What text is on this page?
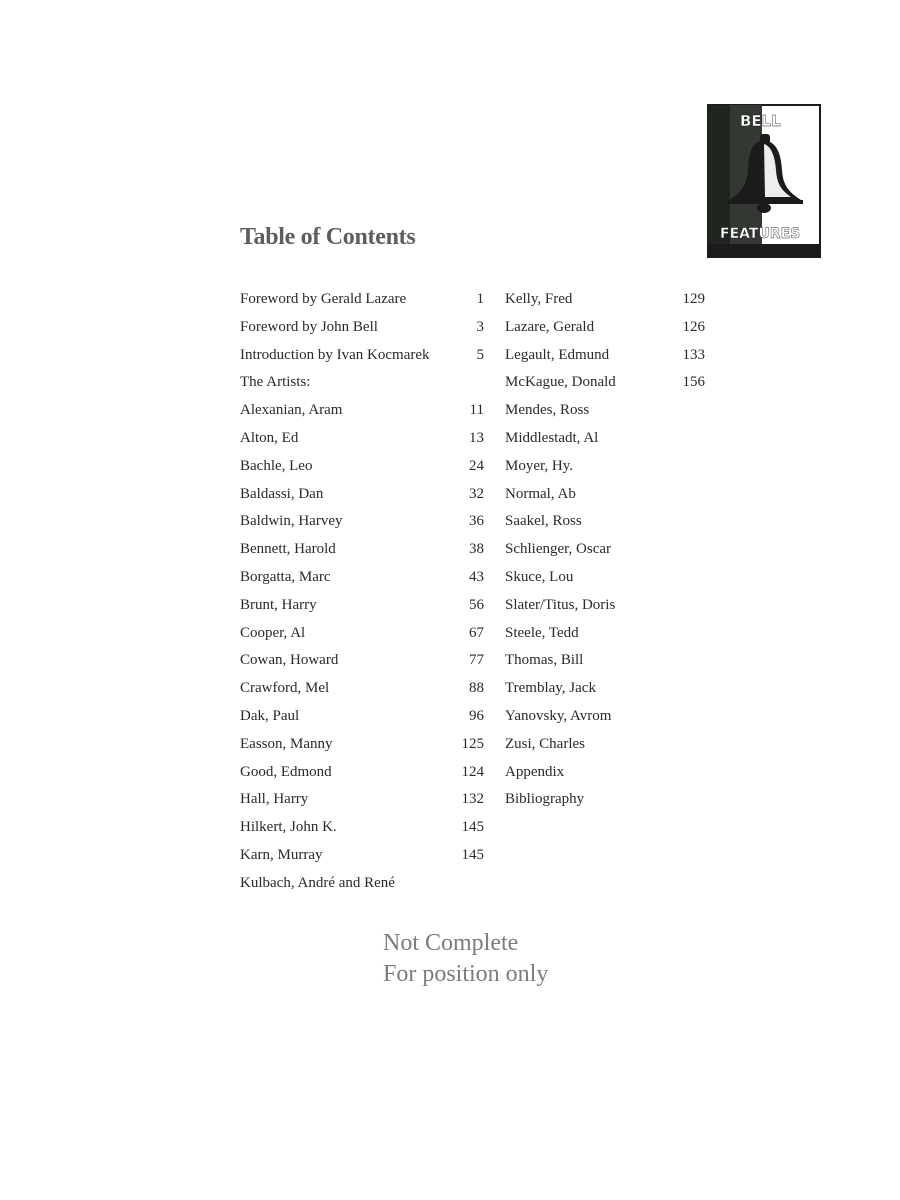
Table of Contents
BELL
FEATURES
Foreword by Gerald Lazare	1
Foreword by John Bell	3
Introduction by Ivan Kocmarek	5
The Artists:
Alexanian, Aram	11
Alton, Ed	13
Bachle, Leo	24
Baldassi, Dan	32
Baldwin, Harvey	36
Bennett, Harold	38
Borgatta, Marc	43
Brunt, Harry	56
Cooper, Al	67
Cowan, Howard	77
Crawford, Mel	88
Dak, Paul	96
Easson, Manny	125
Good, Edmond	124
Hall, Harry	132
Hilkert, John K.	145
Karn, Murray	145
Kulbach, André and René
Kelly, Fred	129
Lazare, Gerald	126
Legault, Edmund	133
McKague, Donald	156
Mendes, Ross
Middlestadt, Al
Moyer, Hy.
Normal, Ab
Saakel, Ross
Schlienger, Oscar
Skuce, Lou
Slater/Titus, Doris
Steele, Tedd
Thomas, Bill
Tremblay, Jack
Yanovsky, Avrom
Zusi, Charles
Appendix
Bibliography
Not Complete
For position only
